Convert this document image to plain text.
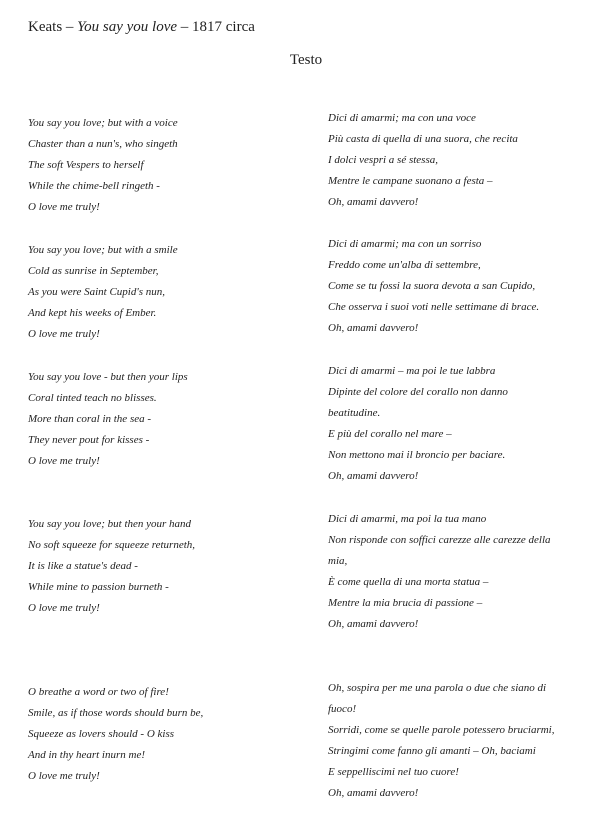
Keats – You say you love – 1817 circa
Testo
You say you love; but with a voice
Chaster than a nun's, who singeth
The soft Vespers to herself
While the chime-bell ringeth -
O love me truly!
You say you love; but with a smile
Cold as sunrise in September,
As you were Saint Cupid's nun,
And kept his weeks of Ember.
O love me truly!
You say you love - but then your lips
Coral tinted teach no blisses.
More than coral in the sea -
They never pout for kisses -
O love me truly!
You say you love; but then your hand
No soft squeeze for squeeze returneth,
It is like a statue's dead -
While mine to passion burneth -
O love me truly!
O breathe a word or two of fire!
Smile, as if those words should burn be,
Squeeze as lovers should - O kiss
And in thy heart inurn me!
O love me truly!
Dici di amarmi; ma con una voce
Più casta di quella di una suora, che recita
I dolci vespri a sé stessa,
Mentre le campane suonano a festa –
Oh, amami davvero!
Dici di amarmi; ma con un sorriso
Freddo come un'alba di settembre,
Come se tu fossi la suora devota a san Cupido,
Che osserva i suoi voti nelle settimane di brace.
Oh, amami davvero!
Dici di amarmi – ma poi le tue labbra
Dipinte del colore del corallo non danno
beatitudine.
E più del corallo nel mare –
Non mettono mai il broncio per baciare.
Oh, amami davvero!
Dici di amarmi, ma poi la tua mano
Non risponde con soffici carezze alle carezze della
mia,
È come quella di una morta statua –
Mentre la mia brucia di passione –
Oh, amami davvero!
Oh, sospira per me una parola o due che siano di
fuoco!
Sorridi, come se quelle parole potessero bruciarmi,
Stringimi come fanno gli amanti – Oh, baciami
E seppelliscimi nel tuo cuore!
Oh, amami davvero!
